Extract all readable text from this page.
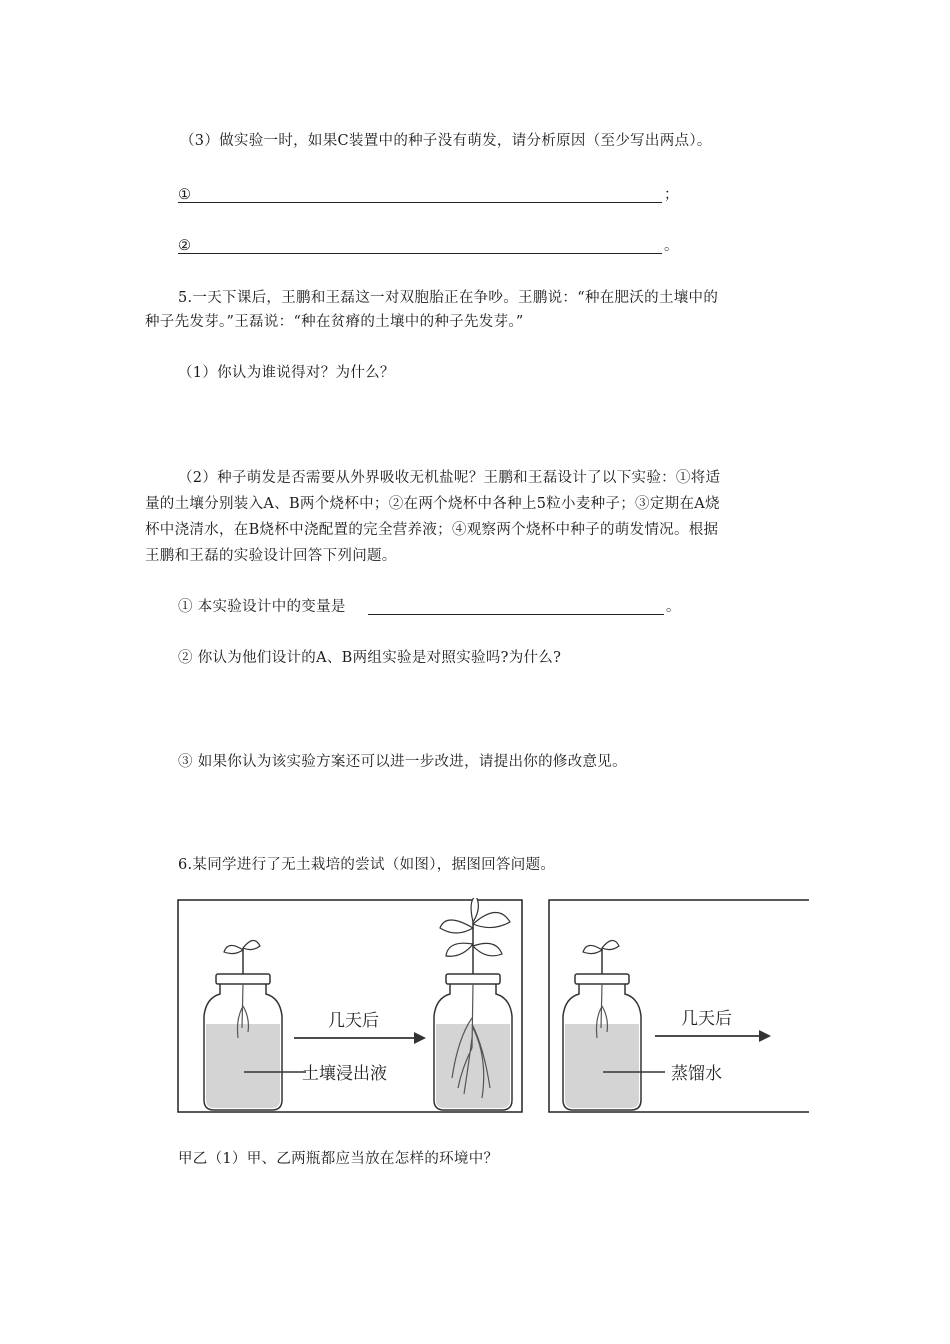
（3）做实验一时，如果C装置中的种子没有萌发，请分析原因（至少写出两点）。
①	；
②	。
5.一天下课后，王鹏和王磊这一对双胞胎正在争吵。王鹏说：“种在肥沃的土壤中的
种子先发芽。”王磊说：“种在贫瘠的土壤中的种子先发芽。”
（1）你认为谁说得对？为什么？
（2）种子萌发是否需要从外界吸收无机盐呢？王鹏和王磊设计了以下实验：①将适
量的土壤分别装入A、B两个烧杯中；②在两个烧杯中各种上5粒小麦种子；③定期在A烧
杯中浇清水，在B烧杯中浇配置的完全营养液；④观察两个烧杯中种子的萌发情况。根据
王鹏和王磊的实验设计回答下列问题。
① 本实验设计中的变量是	。
② 你认为他们设计的A、B两组实验是对照实验吗?为什么?
③ 如果你认为该实验方案还可以进一步改进，请提出你的修改意见。
6.某同学进行了无土栽培的尝试（如图），据图回答问题。
几天后
土壤浸出液
几天后
蒸馏水
甲乙（1）甲、乙两瓶都应当放在怎样的环境中？
